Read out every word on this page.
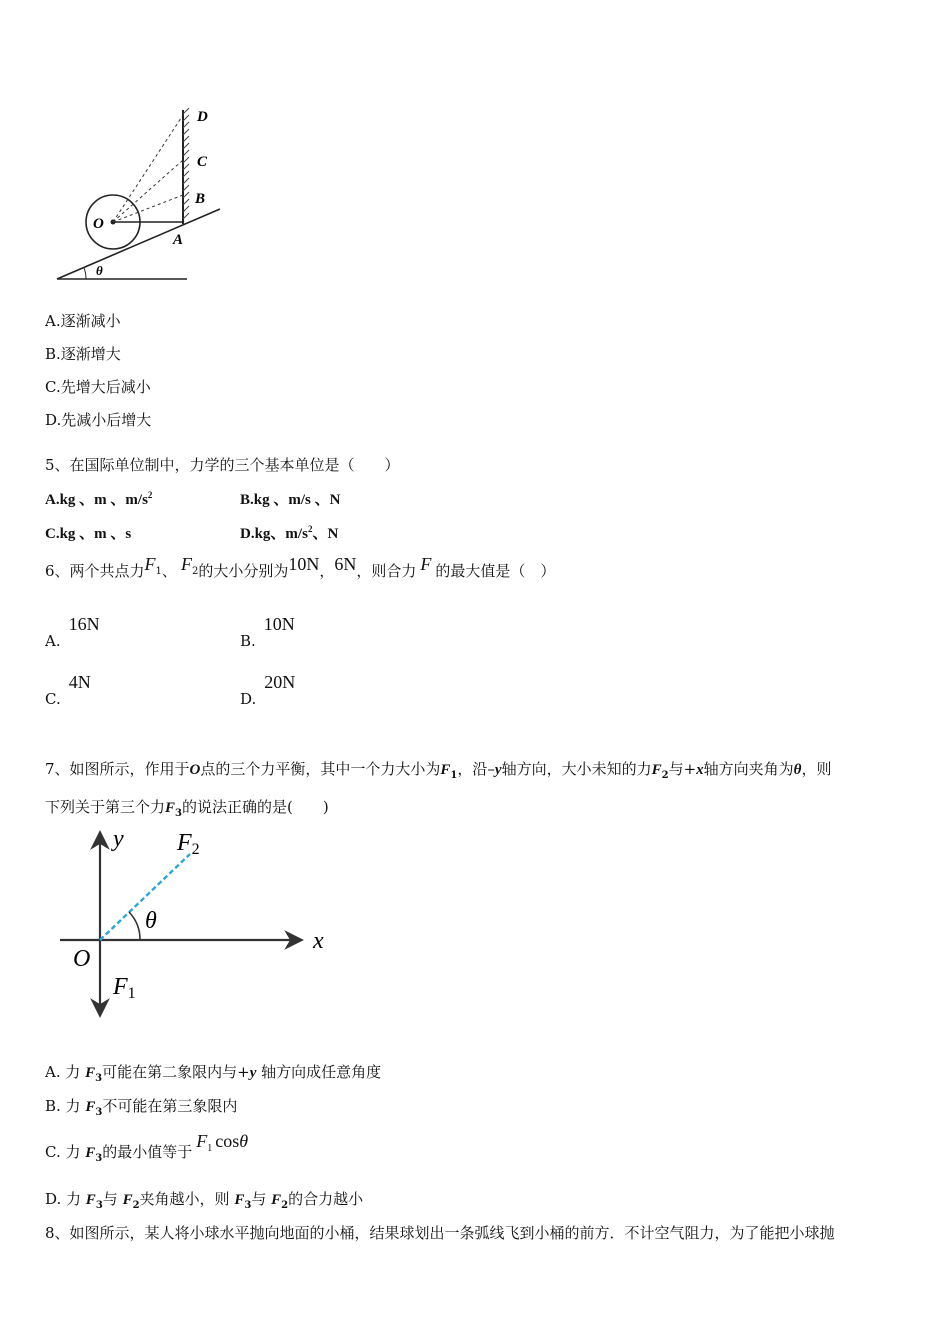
D
C
B
O
A
θ
A.逐渐减小
B.逐渐增大
C.先增大后减小
D.先减小后增大
5、在国际单位制中，力学的三个基本单位是（　　）
A.kg 、m 、$m/s^2$	B.kg 、m/s 、N
C.kg 、m 、s	D.kg、$m/s^2$、N
6、两个共点力$F_1$、 $F_2$的大小分别为10N，6N，则合力 F 的最大值是（　）
A.16N
B.10N
C.4N
D.20N
7、如图所示，作用于O点的三个力平衡，其中一个力大小为$F_1$，沿–y轴方向，大小未知的力$F_2$与+x轴方向夹角为θ，则
下列关于第三个力$F_3$的说法正确的是(　　)
y
x
O
F2
F1
θ
A. 力 $F_3$可能在第二象限内与+y 轴方向成任意角度
B. 力 $F_3$不可能在第三象限内
C. 力 $F_3$的最小值等于$F_1$ cosθ
D. 力 $F_3$与 $F_2$夹角越小，则 $F_3$与 $F_2$的合力越小
8、如图所示，某人将小球水平抛向地面的小桶，结果球划出一条弧线飞到小桶的前方．不计空气阻力，为了能把小球抛
